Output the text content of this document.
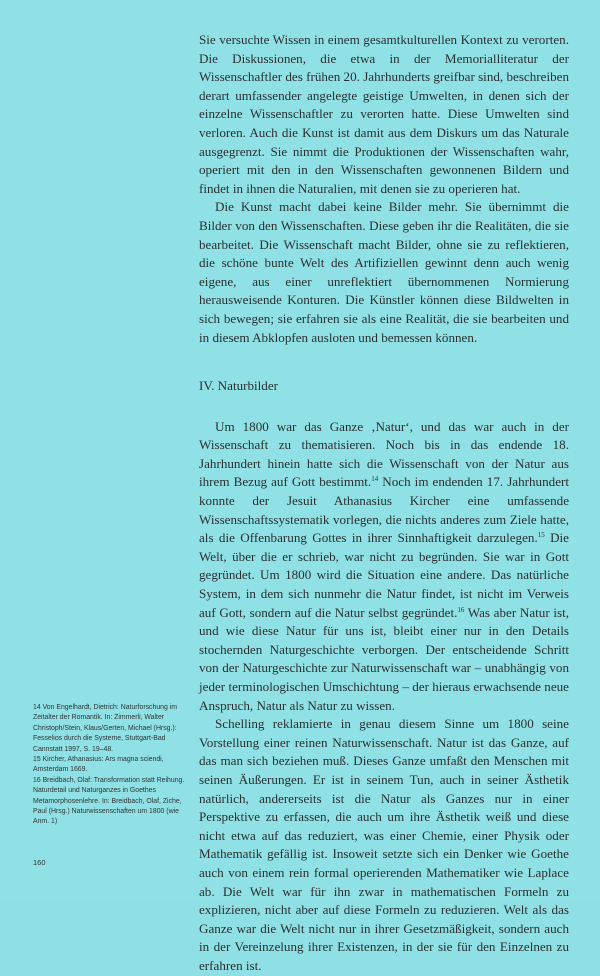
Sie versuchte Wissen in einem gesamtkulturellen Kontext zu verorten. Die Diskussionen, die etwa in der Memorialliteratur der Wissenschaftler des frühen 20. Jahrhunderts greifbar sind, beschreiben derart umfassender angelegte geistige Umwelten, in denen sich der einzelne Wissenschaftler zu verorten hatte. Diese Umwelten sind verloren. Auch die Kunst ist damit aus dem Diskurs um das Naturale ausgegrenzt. Sie nimmt die Produktionen der Wissenschaften wahr, operiert mit den in den Wissenschaften gewonnenen Bildern und findet in ihnen die Naturalien, mit denen sie zu operieren hat.

Die Kunst macht dabei keine Bilder mehr. Sie übernimmt die Bilder von den Wissenschaften. Diese geben ihr die Realitäten, die sie bearbeitet. Die Wissenschaft macht Bilder, ohne sie zu reflektieren, die schöne bunte Welt des Artifiziellen gewinnt denn auch wenig eigene, aus einer unreflektiert übernommenen Normierung herausweisende Konturen. Die Künstler können diese Bildwelten in sich bewegen; sie erfahren sie als eine Realität, die sie bearbeiten und in diesem Abklopfen ausloten und bemessen können.

IV. Naturbilder

Um 1800 war das Ganze ‚Natur‘, und das war auch in der Wissenschaft zu thematisieren. Noch bis in das endende 18. Jahrhundert hinein hatte sich die Wissenschaft von der Natur aus ihrem Bezug auf Gott bestimmt.$^{14}$ Noch im endenden 17. Jahrhundert konnte der Jesuit Athanasius Kircher eine umfassende Wissenschaftssystematik vorlegen, die nichts anderes zum Ziele hatte, als die Offenbarung Gottes in ihrer Sinnhaftigkeit darzulegen.$^{15}$ Die Welt, über die er schrieb, war nicht zu begründen. Sie war in Gott gegründet. Um 1800 wird die Situation eine andere. Das natürliche System, in dem sich nunmehr die Natur findet, ist nicht im Verweis auf Gott, sondern auf die Natur selbst gegründet.$^{16}$ Was aber Natur ist, und wie diese Natur für uns ist, bleibt einer nur in den Details stochernden Naturgeschichte verborgen. Der entscheidende Schritt von der Naturgeschichte zur Naturwissenschaft war – unabhängig von jeder terminologischen Umschichtung – der hieraus erwachsende neue Anspruch, Natur als Natur zu wissen.

Schelling reklamierte in genau diesem Sinne um 1800 seine Vorstellung einer reinen Naturwissenschaft. Natur ist das Ganze, auf das man sich beziehen muß. Dieses Ganze umfaßt den Menschen mit seinen Äußerungen. Er ist in seinem Tun, auch in seiner Ästhetik natürlich, andererseits ist die Natur als Ganzes nur in einer Perspektive zu erfassen, die auch um ihre Ästhetik weiß und diese nicht etwa auf das reduziert, was einer Chemie, einer Physik oder Mathematik gefällig ist. Insoweit setzte sich ein Denker wie Goethe auch von einem rein formal operierenden Mathematiker wie Laplace ab. Die Welt war für ihn zwar in mathematischen Formeln zu explizieren, nicht aber auf diese Formeln zu reduzieren. Welt als das Ganze war die Welt nicht nur in ihrer Gesetzmäßigkeit, sondern auch in der Vereinzelung ihrer Existenzen, in der sie für den Einzelnen zu erfahren ist.

14 Von Engelhardt, Dietrich: Naturforschung im Zeitalter der Romantik. In: Zimmerli, Walter Christoph/Stein, Klaus/Gerten, Michael (Hrsg.): Fesselios durch die Systeme, Stuttgart-Bad Cannstatt 1997, S. 19–48.

15 Kircher, Athanasius: Ars magna sciendi, Amsterdam 1669.

16 Breidbach, Olaf: Transformation statt Reihung. Naturdetail und Naturganzes in Goethes Metamorphosenlehre. In: Breidbach, Olaf, Ziche, Paul (Hrsg.) Naturwissenschaften um 1800 (wie Anm. 1)

160
